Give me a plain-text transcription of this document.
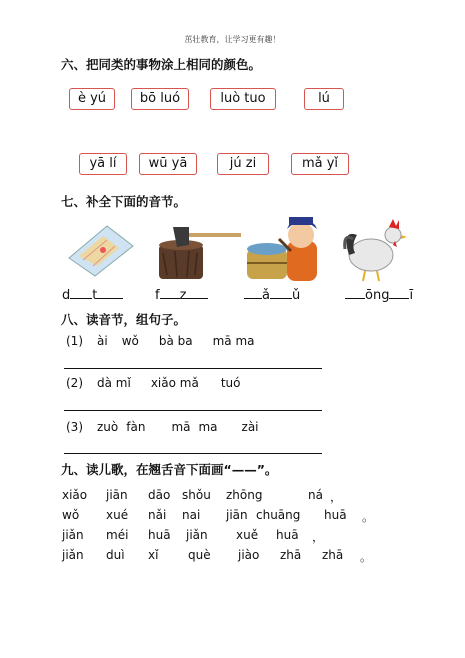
茁壮教育，让学习更有趣！
六、把同类的事物涂上相同的颜色。
è yú	bō luó	luò tuo	lú
yā lí	wū yā	jú zi	mǎ yǐ
七、补全下面的音节。
d t	f z	ǎ ǔ	ōng ī
八、读音节，组句子。
(1) ài wǒ bà ba mā ma
(2) dà mǐ xiǎo mǎ tuó
(3) zuò fàn mā ma zài
九、读儿歌，在翘舌音下面画“——”。
xiǎo jiān dāo shǒu zhōng	ná ，
wǒ xué nǎi nai jiān chuāng huā 。
jiǎn méi huā jiǎn xuě huā ，
jiǎn duì xǐ què jiào zhā zhā 。
